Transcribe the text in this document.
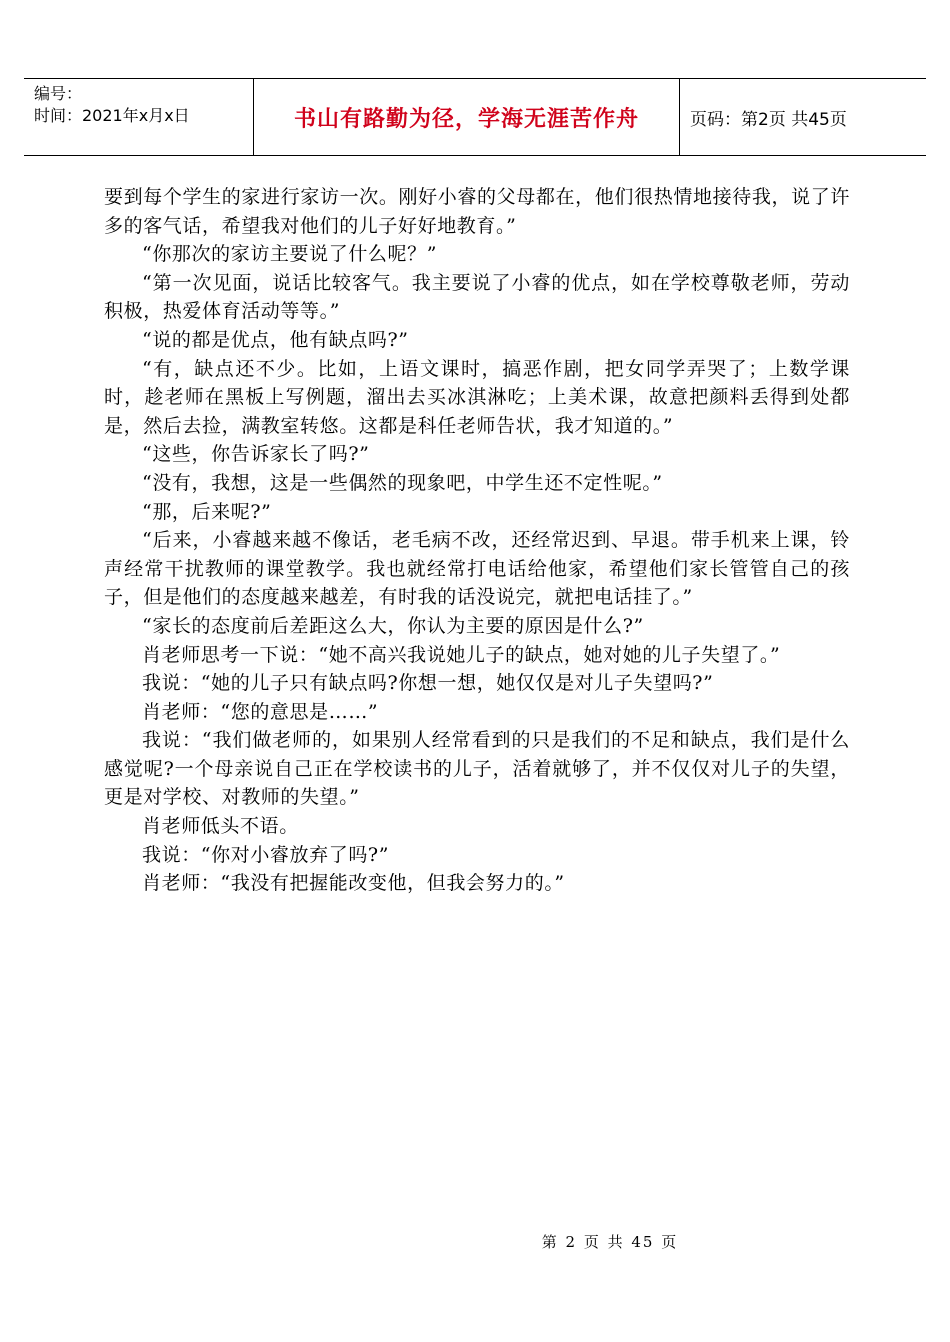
编号：
时间：2021年x月x日	书山有路勤为径，学海无涯苦作舟	页码：第2页 共45页

要到每个学生的家进行家访一次。刚好小睿的父母都在，他们很热情地接待我，说了许多的客气话，希望我对他们的儿子好好地教育。”

“你那次的家访主要说了什么呢？”

“第一次见面，说话比较客气。我主要说了小睿的优点，如在学校尊敬老师，劳动积极，热爱体育活动等等。”

“说的都是优点，他有缺点吗?”

“有，缺点还不少。比如，上语文课时，搞恶作剧，把女同学弄哭了；上数学课时，趁老师在黑板上写例题，溜出去买冰淇淋吃；上美术课，故意把颜料丢得到处都是，然后去捡，满教室转悠。这都是科任老师告状，我才知道的。”

“这些，你告诉家长了吗?”

“没有，我想，这是一些偶然的现象吧，中学生还不定性呢。”

“那，后来呢?”

“后来，小睿越来越不像话，老毛病不改，还经常迟到、早退。带手机来上课，铃声经常干扰教师的课堂教学。我也就经常打电话给他家，希望他们家长管管自己的孩子，但是他们的态度越来越差，有时我的话没说完，就把电话挂了。”

“家长的态度前后差距这么大，你认为主要的原因是什么?”

肖老师思考一下说：“她不高兴我说她儿子的缺点，她对她的儿子失望了。”

我说：“她的儿子只有缺点吗?你想一想，她仅仅是对儿子失望吗?”

肖老师：“您的意思是……”

我说：“我们做老师的，如果别人经常看到的只是我们的不足和缺点，我们是什么感觉呢?一个母亲说自己正在学校读书的儿子，活着就够了，并不仅仅对儿子的失望，更是对学校、对教师的失望。”

肖老师低头不语。

我说：“你对小睿放弃了吗?”

肖老师：“我没有把握能改变他，但我会努力的。”

第 2 页 共 45 页
